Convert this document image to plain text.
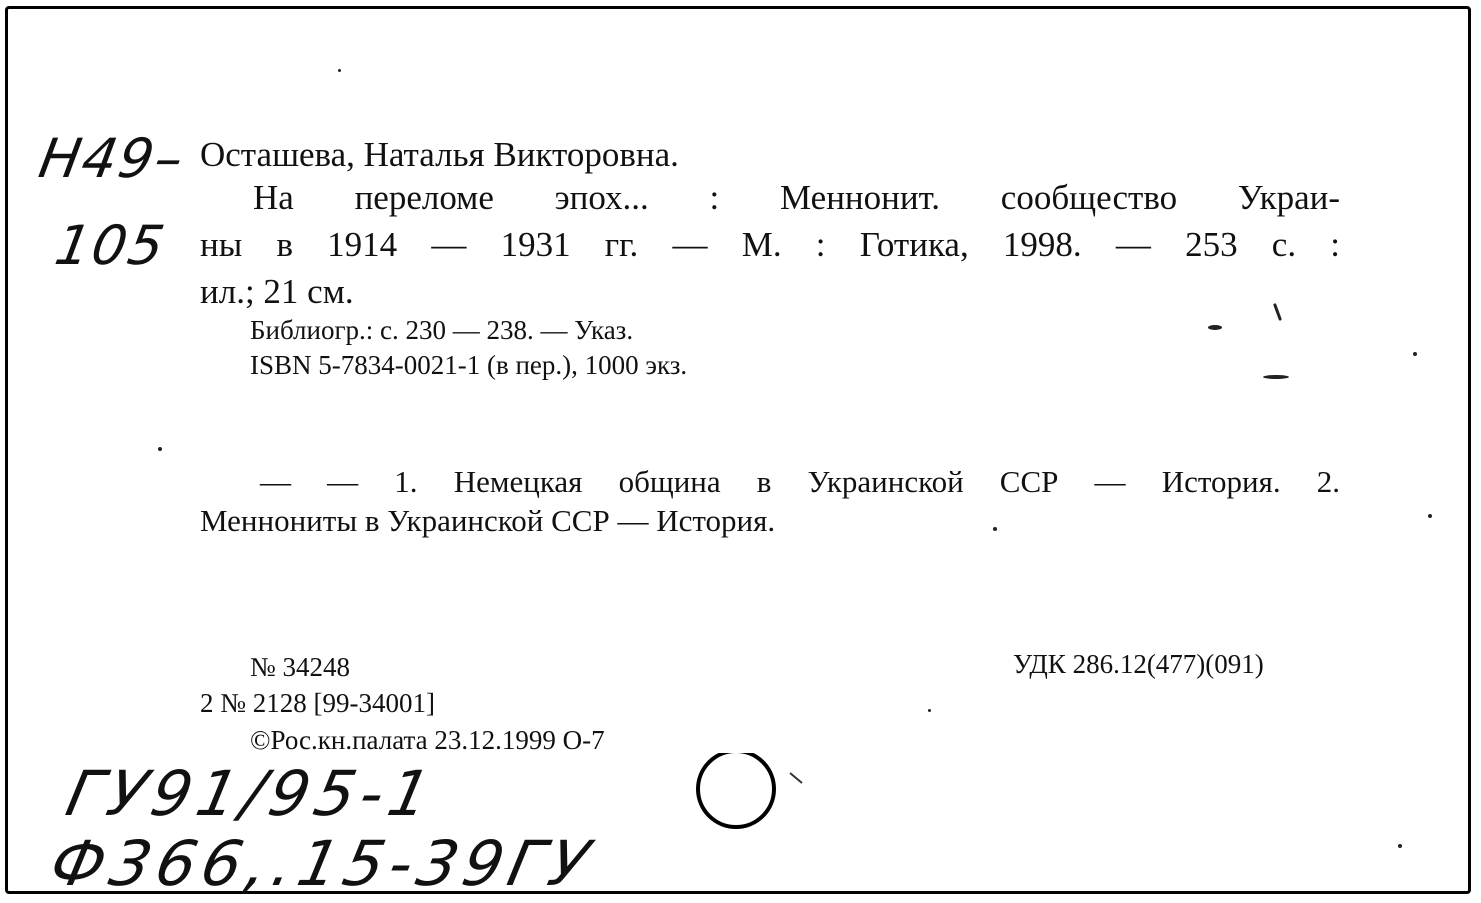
Н49–
105
Осташева, Наталья Викторовна.
На переломе эпох... : Меннонит. сообщество Украи-
ны в 1914 — 1931 гг. — М. : Готика, 1998. — 253 с. :
ил.; 21 см.
Библиогр.: с. 230 — 238. — Указ.
ISBN 5-7834-0021-1 (в пер.), 1000 экз.
— — 1. Немецкая община в Украинской ССР — История. 2.
Меннониты в Украинской ССР — История.
№ 34248	УДК 286.12(477)(091)
2 № 2128 [99-34001]
©Рос.кн.палата 23.12.1999 О-7
ГУ91/95-1
Ф366,.15-39ГУ
